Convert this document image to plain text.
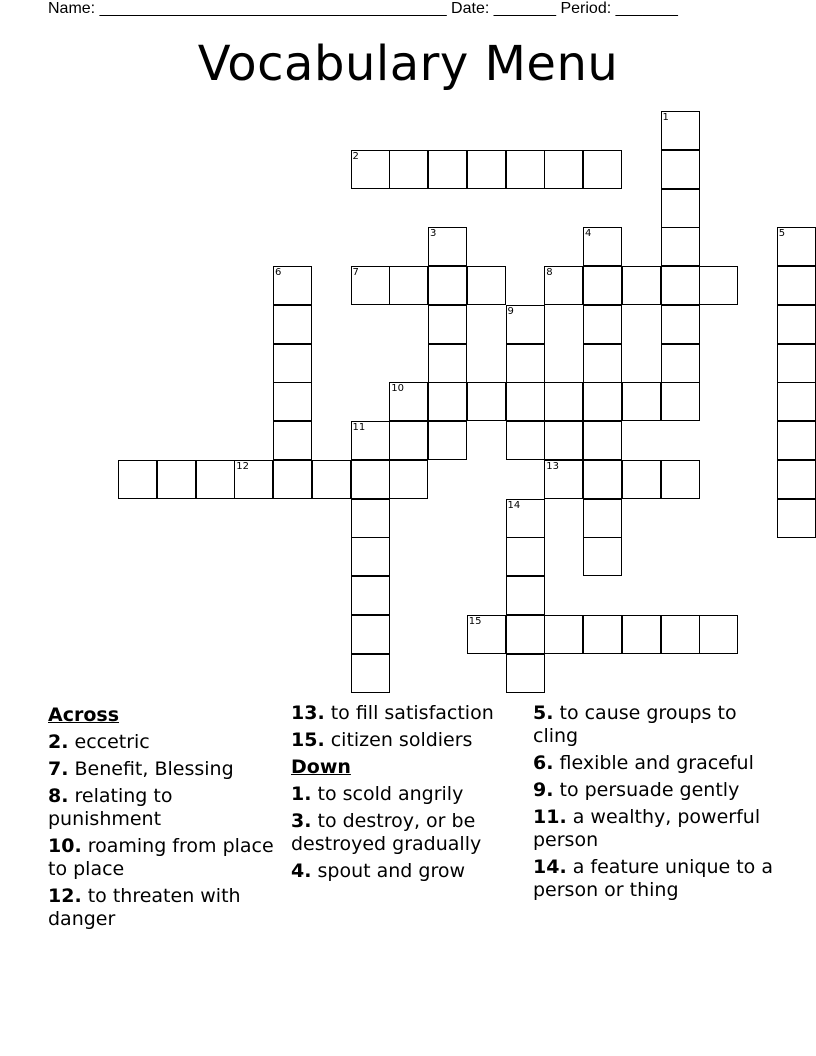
Name: _______________________________________ Date: _______ Period: _______
Vocabulary Menu
1
2
3	4	5
6	7	8
9
10
11
12	13
14
15
Across
2. eccetric
7. Benefit, Blessing
8. relating to punishment
10. roaming from place to place
12. to threaten with danger
13. to fill satisfaction
15. citizen soldiers
Down
1. to scold angrily
3. to destroy, or be destroyed gradually
4. spout and grow
5. to cause groups to cling
6. flexible and graceful
9. to persuade gently
11. a wealthy, powerful person
14. a feature unique to a person or thing
